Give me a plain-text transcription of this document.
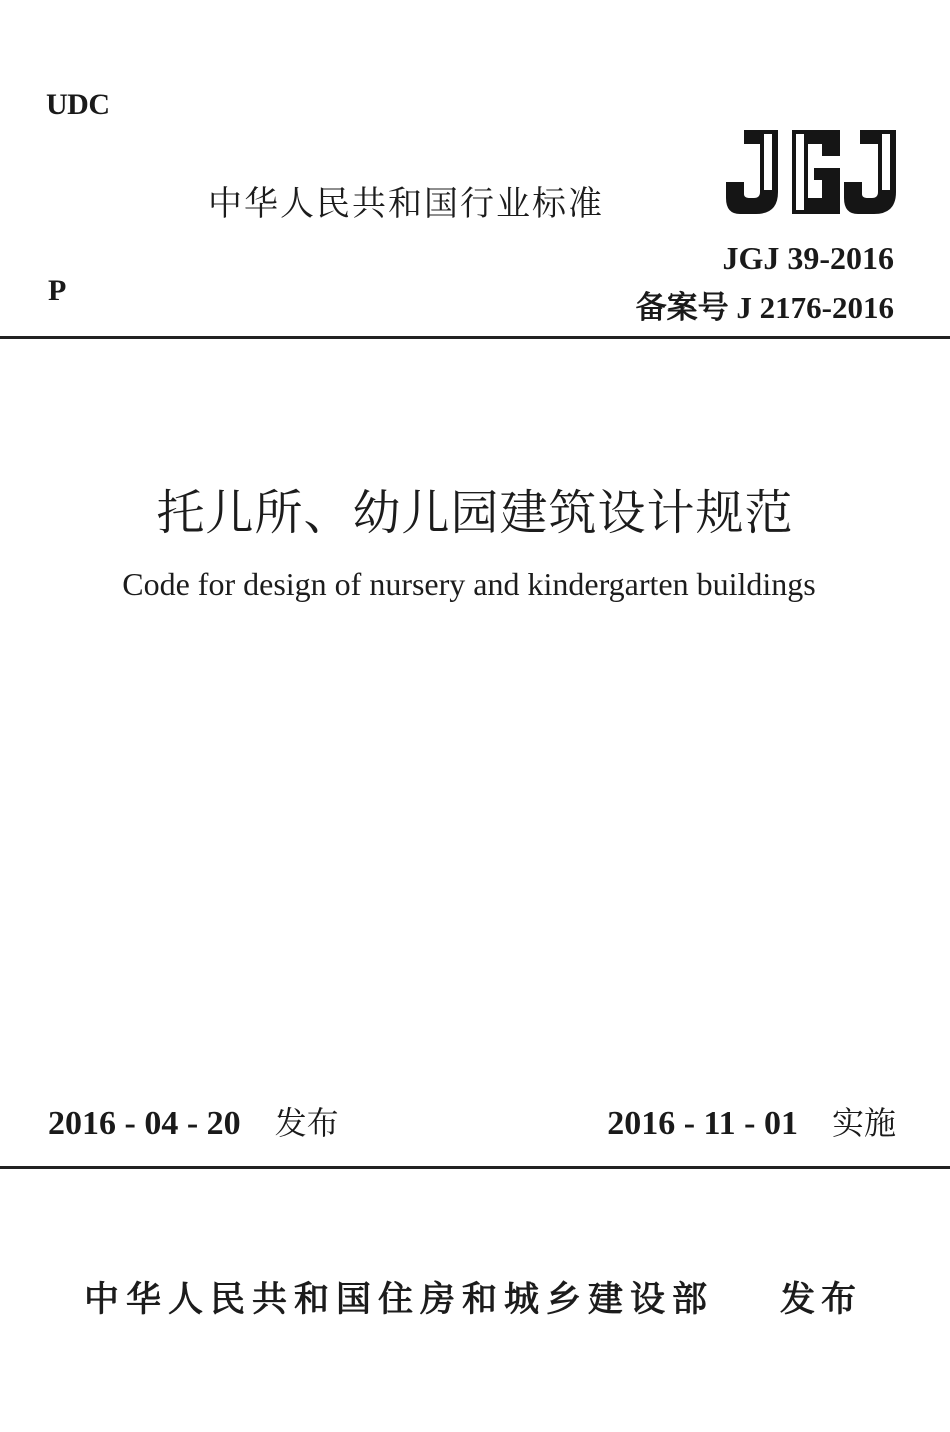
UDC
中华人民共和国行业标准	JGJ
JGJ 39-2016
P	备案号 J 2176-2016
托儿所、幼儿园建筑设计规范
Code for design of nursery and kindergarten buildings
2016 - 04 - 20 发布	2016 - 11 - 01 实施
中华人民共和国住房和城乡建设部 发布
